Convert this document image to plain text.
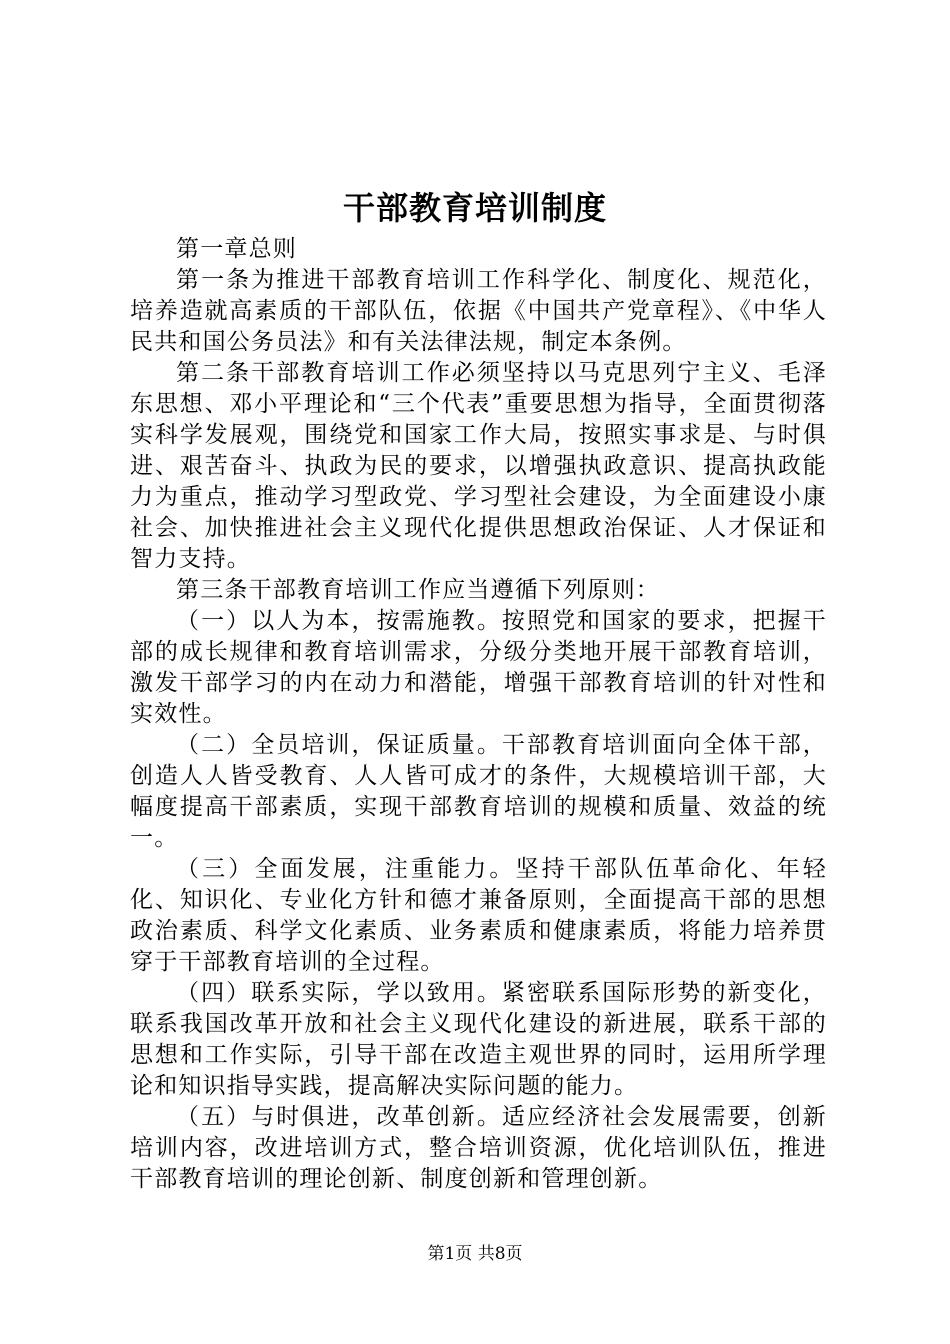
干部教育培训制度

第一章总则

第一条为推进干部教育培训工作科学化、制度化、规范化，培养造就高素质的干部队伍，依据《中国共产党章程》、《中华人民共和国公务员法》和有关法律法规，制定本条例。

第二条干部教育培训工作必须坚持以马克思列宁主义、毛泽东思想、邓小平理论和“三个代表”重要思想为指导，全面贯彻落实科学发展观，围绕党和国家工作大局，按照实事求是、与时俱进、艰苦奋斗、执政为民的要求，以增强执政意识、提高执政能力为重点，推动学习型政党、学习型社会建设，为全面建设小康社会、加快推进社会主义现代化提供思想政治保证、人才保证和智力支持。

第三条干部教育培训工作应当遵循下列原则：

（一）以人为本，按需施教。按照党和国家的要求，把握干部的成长规律和教育培训需求，分级分类地开展干部教育培训，激发干部学习的内在动力和潜能，增强干部教育培训的针对性和实效性。

（二）全员培训，保证质量。干部教育培训面向全体干部，创造人人皆受教育、人人皆可成才的条件，大规模培训干部，大幅度提高干部素质，实现干部教育培训的规模和质量、效益的统一。

（三）全面发展，注重能力。坚持干部队伍革命化、年轻化、知识化、专业化方针和德才兼备原则，全面提高干部的思想政治素质、科学文化素质、业务素质和健康素质，将能力培养贯穿于干部教育培训的全过程。

（四）联系实际，学以致用。紧密联系国际形势的新变化，联系我国改革开放和社会主义现代化建设的新进展，联系干部的思想和工作实际，引导干部在改造主观世界的同时，运用所学理论和知识指导实践，提高解决实际问题的能力。

（五）与时俱进，改革创新。适应经济社会发展需要，创新培训内容，改进培训方式，整合培训资源，优化培训队伍，推进干部教育培训的理论创新、制度创新和管理创新。

第1页 共8页
